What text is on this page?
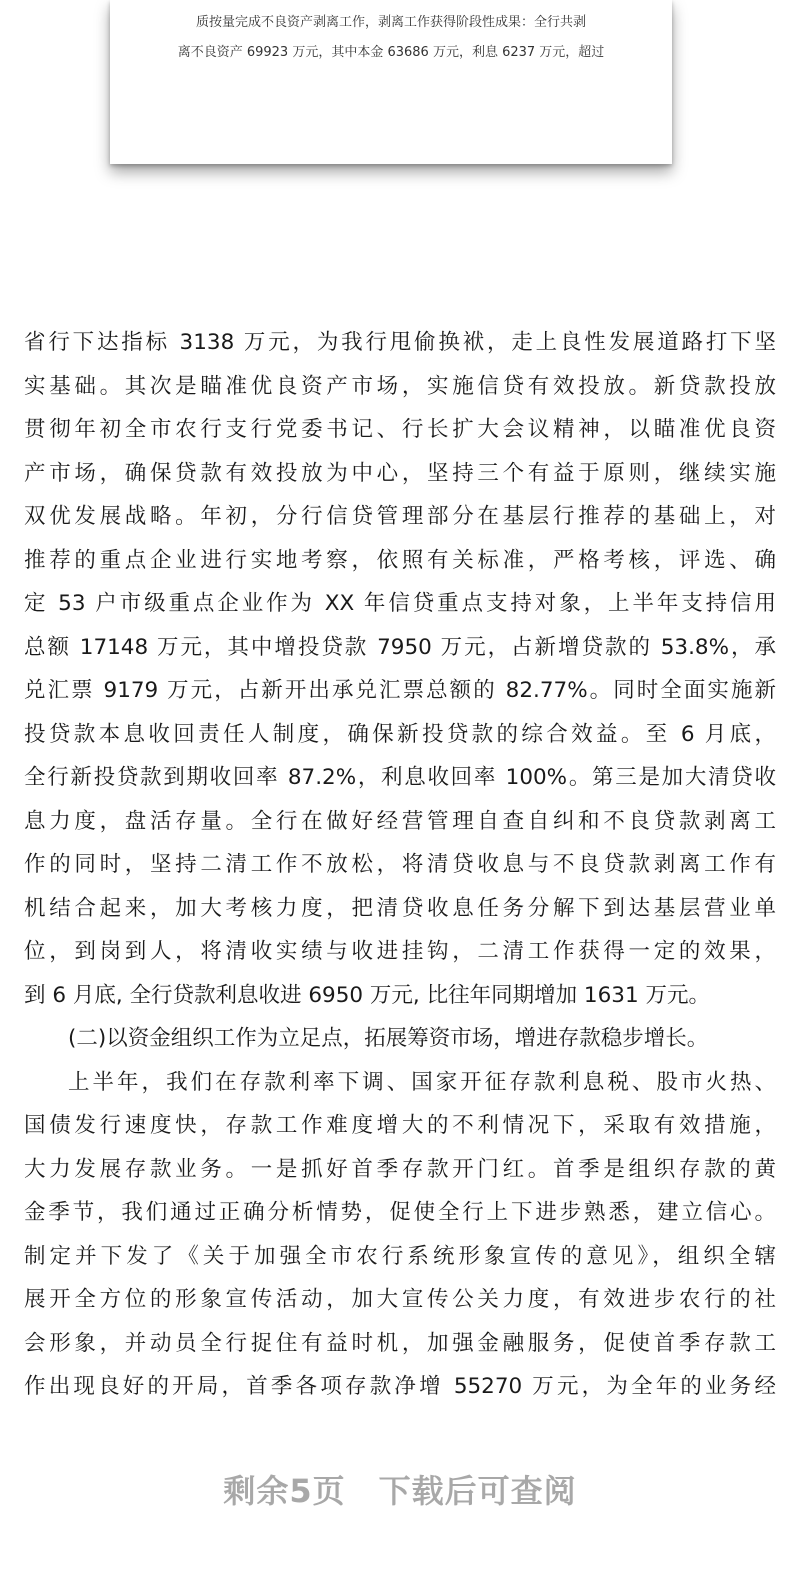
质按量完成不良资产剥离工作，剥离工作获得阶段性成果：全行共剥
离不良资产 69923 万元，其中本金 63686 万元，利息 6237 万元，超过
省行下达指标 3138 万元，为我行甩偷换袱，走上良性发展道路打下坚
实基础。其次是瞄准优良资产市场，实施信贷有效投放。新贷款投放
贯彻年初全市农行支行党委书记、行长扩大会议精神，以瞄准优良资
产市场，确保贷款有效投放为中心，坚持三个有益于原则，继续实施
双优发展战略。年初，分行信贷管理部分在基层行推荐的基础上，对
推荐的重点企业进行实地考察，依照有关标准，严格考核，评选、确
定 53 户市级重点企业作为 XX 年信贷重点支持对象，上半年支持信用
总额 17148 万元，其中增投贷款 7950 万元，占新增贷款的 53.8%，承
兑汇票 9179 万元，占新开出承兑汇票总额的 82.77%。同时全面实施新
投贷款本息收回责任人制度，确保新投贷款的综合效益。至 6 月底，
全行新投贷款到期收回率 87.2%，利息收回率 100%。第三是加大清贷收
息力度，盘活存量。全行在做好经营管理自查自纠和不良贷款剥离工
作的同时，坚持二清工作不放松，将清贷收息与不良贷款剥离工作有
机结合起来，加大考核力度，把清贷收息任务分解下到达基层营业单
位，到岗到人，将清收实绩与收进挂钩，二清工作获得一定的效果，
到 6 月底, 全行贷款利息收进 6950 万元, 比往年同期增加 1631 万元。
(二)以资金组织工作为立足点，拓展筹资市场，增进存款稳步增长。
上半年，我们在存款利率下调、国家开征存款利息税、股市火热、
国债发行速度快，存款工作难度增大的不利情况下，采取有效措施，
大力发展存款业务。一是抓好首季存款开门红。首季是组织存款的黄
金季节，我们通过正确分析情势，促使全行上下进步熟悉，建立信心。
制定并下发了《关于加强全市农行系统形象宣传的意见》，组织全辖
展开全方位的形象宣传活动，加大宣传公关力度，有效进步农行的社
会形象，并动员全行捉住有益时机，加强金融服务，促使首季存款工
作出现良好的开局，首季各项存款净增 55270 万元，为全年的业务经
剩余5页　下载后可查阅
